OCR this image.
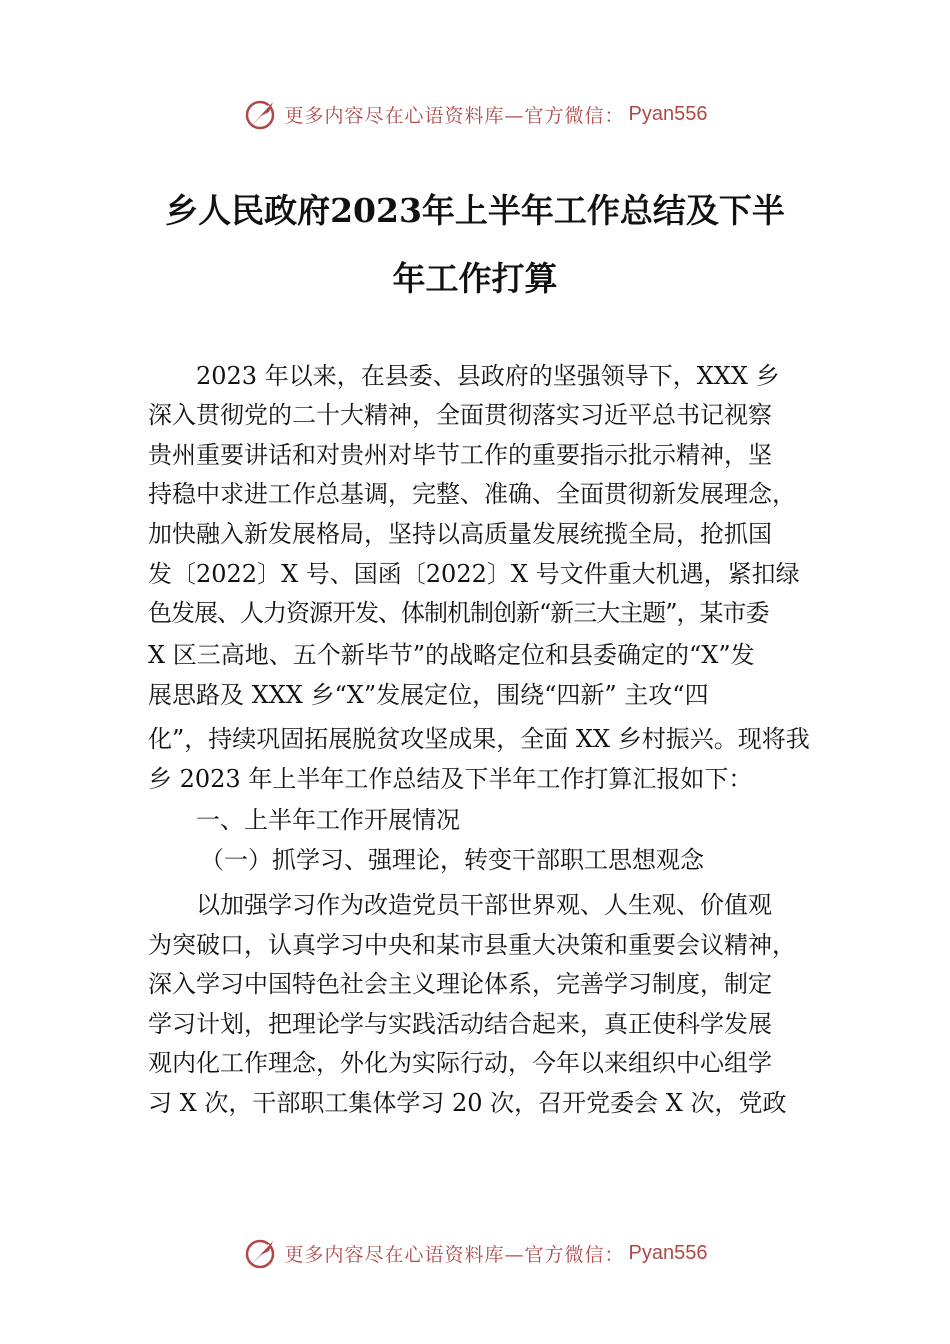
更多内容尽在心语资料库—官方微信： Pyan556
乡人民政府2023年上半年工作总结及下半
年工作打算
2023 年以来，在县委、县政府的坚强领导下，XXX 乡
深入贯彻党的二十大精神，全面贯彻落实习近平总书记视察
贵州重要讲话和对贵州对毕节工作的重要指示批示精神，坚
持稳中求进工作总基调，完整、准确、全面贯彻新发展理念，
加快融入新发展格局，坚持以高质量发展统揽全局，抢抓国
发〔2022〕X 号、国函〔2022〕X 号文件重大机遇，紧扣绿
色发展、人力资源开发、体制机制创新“新三大主题”，某市委
X 区三高地、五个新毕节”的战略定位和县委确定的“X”发
展思路及 XXX 乡“X”发展定位，围绕“四新” 主攻“四
化”，持续巩固拓展脱贫攻坚成果，全面 XX 乡村振兴。现将我
乡 2023 年上半年工作总结及下半年工作打算汇报如下：
一、上半年工作开展情况
（一）抓学习、强理论，转变干部职工思想观念
以加强学习作为改造党员干部世界观、人生观、价值观
为突破口，认真学习中央和某市县重大决策和重要会议精神，
深入学习中国特色社会主义理论体系，完善学习制度，制定
学习计划，把理论学与实践活动结合起来，真正使科学发展
观内化工作理念，外化为实际行动，今年以来组织中心组学
习 X 次，干部职工集体学习 20 次，召开党委会 X 次，党政
更多内容尽在心语资料库—官方微信： Pyan556
